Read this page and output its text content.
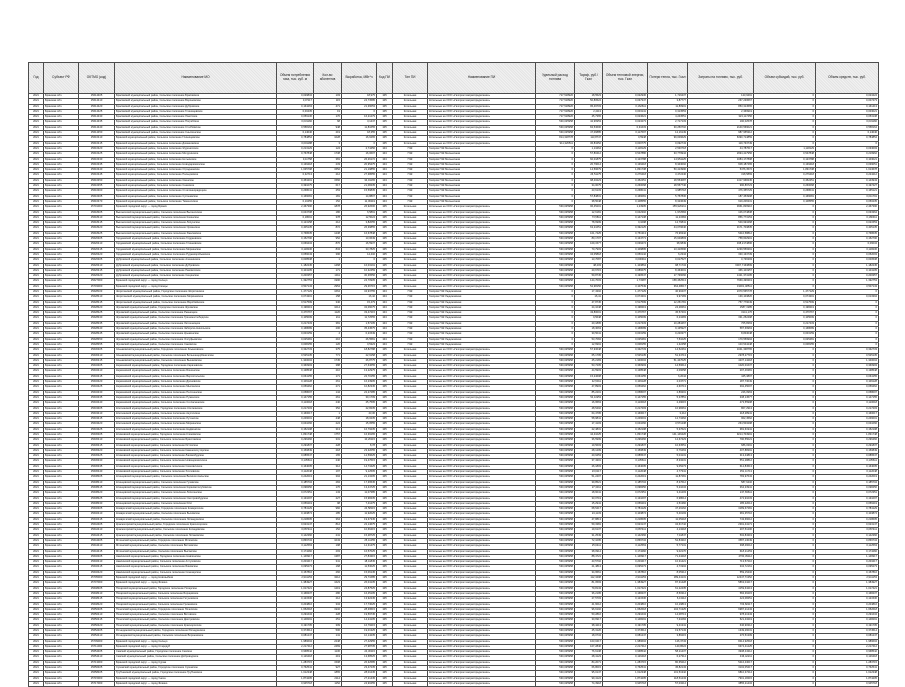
Год	Субъект РФ	ОКТМО (код)	Наименование МО	Объем потребления газа, тыс. куб. м	Кол-во абонентов	Выработка, МВт*ч	Код ПИ	Тип ПИ	Наименование ПИ	Удельный расход топлива	Тариф, руб./Гкал	Объем тепловой энергии, тыс. Гкал	Потери тепла, тыс. Гкал	Затраты на топливо, тыс. руб.	Объем субсидий, тыс. руб.	Объем средств, тыс. руб.
2021	Брянская обл.	15614405	Брасовский муниципальный район, Сельское поселение Брасовское	0,029834	103	18,975	105	Котельная	Котельные на ООО «Газпром газораспределение»	717,518926	18,5523	0,022936	1,716437	123,9491	0	0,023424
2021	Брянская обл.	15614410	Брасовский муниципальный район, Сельское поселение Вороновское	0,07117	115	24,73585	105	Котельная	Котельные на ООО «Газпром газораспределение»	717,518926	50,80524	0,037347	3,87777	267,239567	0	0,007473
2021	Брянская обл.	15614420	Брасовский муниципальный район, Сельское поселение Дубровское	0,164263	471	21,36053	105	Котельная	Котельные на ООО «Газпром газораспределение»	717,518926	95,49703	0,162611	11,80901	853,314565	0	0,161413
2021	Брянская обл.	15614425	Брасовский муниципальный район, Сельское поселение Глинищевское	0,00435	19	0	105	Котельная	Котельные на ООО «Газпром газораспределение»	717,518926	2,4113	0,003141	0,313553	2,369919	0	0,003021
2021	Брянская обл.	15614430	Брасовский муниципальный район, Сельское поселение Локотское	0,059136	170	16,21279	105	Котельная	Котельные на ООО «Газпром газораспределение»	717,518926	45,7365	0,023621	4,243551	323,117456	0	0,053138
2021	Брянская обл.	15614435	Брасовский муниципальный район, Сельское поселение Погребское	0,031182	68	3,1447	105	Котельная	Котельные на ООО «Газпром газораспределение»	530,025958	42,96953	0,023273	2,717133	190,02578	0	0,031182
2021	Брянская обл.	15614440	Брасовский муниципальный район, Сельское поселение Столбовское	0,558164	948	11,81655	105	Котельная	Котельные на ООО «Газпром газораспределение»	530,025958	84,53606	0,31633	30,250702	2140,569021	0	0,558164
2021	Брянская обл.	15614450	Брасовский муниципальный район, Сельское поселение Сныткинское	0,14046	219	18,355	105	Котельная	Котельные на ООО «Газпром газораспределение»	530,025958	47,06885	0,117697	12,16149	987,955312	0	0,14046
2021	Брянская обл.	15616410	Брянский муниципальный район, Сельское поселение Глинищевское	0,784854	1028	16,6265	105	Котельная	Котельные на ООО «Газпром газораспределение»	814,318778	113,8747	0,5948	99,009629	6390,714859	0	0,784854
2021	Брянская обл.	15616415	Брянский муниципальный район, Сельское поселение Домашовское	0,001188	3	0	105	Котельная	Котельные на ООО «Газпром газораспределение»	911,326511	36,83452	0,000775	0,092743	119,733749	0	0
2021	Брянская обл.	15616420	Брянский муниципальный район, Сельское поселение Журиничское	0,213129	124	2,74456	104	ГЭК	Газпром ГЭК Мельничная	0	1,13464	0,118129	2,530718	44,787617	1,118129	0,033093
2021	Брянская обл.	15616425	Брянский муниципальный район, Сельское поселение Мичуринское	0,767848	1738	16,0607	104	ГЭК	Газпром ГЭК Мельничная	0	57,80412	0,547886	33,779944	2994,417956	0,547848	0,219962
2021	Брянская обл.	15616430	Брянский муниципальный район, Сельское поселение Нетьинское	0,11758	381	26,26172	104	ГЭК	Газпром ГЭК Мельничная	0	60,01875	0,123788	14,951125	1084,177808	0,123788	0,103021
2021	Брянская обл.	15616435	Брянский муниципальный район, Сельское поселение Новодарковичское	0,139418	233	20,95475	104	ГЭК	Газпром ГЭК Мельничная	0	20,79014	0,139418	8,343092	608,187465	0,139418	0,039051
2021	Брянская обл.	15616440	Брянский муниципальный район, Сельское поселение Отрадненское	1,635798	1552	21,19855	104	ГЭК	Газпром ГЭК Мельничная	0	14,59679	1,831738	50,413996	5476,3572	1,831738	1,613678
2021	Брянская обл.	15616445	Брянский муниципальный район, Сельское поселение Пальцовское	0,32713	212	27,38655	104	ГЭК	Газпром ГЭК Мельничная	0	26,51175	0,276418	3,472446	318,5869	0,276418	0,224212
2021	Брянская обл.	15616450	Брянский муниципальный район, Сельское поселение Свенское	0,453401	1566	34,91165	104	ГЭК	Газпром ГЭК Мельничная	0	98,40223	0,452451	18,554087	1317,968445	0,452451	0,143943
2021	Брянская обл.	15616455	Брянский муниципальный район, Сельское поселение Снежское	0,391075	617	21,08435	104	ГЭК	Газпром ГЭК Мельничная	0	34,0075	0,260068	18,557746	990,89723	0,260068	0,197427
2021	Брянская обл.	15616460	Брянский муниципальный район, Сельское поселение Стекляннорадицкое	0,268041	253	15,59835	104	ГЭК	Газпром ГЭК Мельничная	0	23,6133	0,268041	4,985718	476,355729	0,268041	0,165121
2021	Брянская обл.	15616465	Брянский муниципальный район, Сельское поселение Супоневское	0,166081	181	14,8807	104	ГЭК	Газпром ГЭК Мельничная	0	57,84831	0,166081	5,757836	187,453998	0,166081	0,011791
2021	Брянская обл.	15616470	Брянский муниципальный район, Сельское поселение Теменичское	0,10455	152	11,06119	104	ГЭК	Газпром ГЭК Мельничная	0	38,5048	0,108555	8,323649	919,206331	0,108555	0,050235
2021	Брянская обл.	15701000	Брянский городской округ — город Брянск	2,467396	1878	26,92606	105	Котельная	Котельные на ООО «Газпром газораспределение»	530,025958	96,45201	1,23905	155,926211	3961,826916	0	2,467396
2021	Брянская обл.	15618405	Выгоничский муниципальный район, Сельское поселение Выгоничское	0,043708	186	6,5891	105	Котельная	Котельные на ООО «Газпром газораспределение»	530,025958	12,6181	0,042302	1,972584	106,074838	0	0,033364
2021	Брянская обл.	15618410	Выгоничский муниципальный район, Сельское поселение Кокинское	0,18091	378	12,5024	105	Котельная	Котельные на ООО «Газпром газораспределение»	530,025958	73,5811	0,147138	11,21584	856,773153	0	0,180911
2021	Брянская обл.	15618415	Выгоничский муниципальный район, Сельское поселение Лопушское	0,123158	212	3,82055	105	Котельная	Котельные на ООО «Газпром газораспределение»	530,025958	78,6999	0,1098	12,76841	549,993468	0	0,021553
2021	Брянская обл.	15618420	Выгоничский муниципальный район, Сельское поселение Орменское	0,405135	872	26,39855	105	Котельная	Котельные на ООО «Газпром газораспределение»	530,025958	63,21651	0,392125	44,079646	3171,703835	0	0,405135
2021	Брянская обл.	15618425	Выгоничский муниципальный район, Сельское поселение Хмелевское	0,768635	1238	16,67848	105	Котельная	Котельные на ООО «Газпром газораспределение»	530,025958	101,7425	0,751313	76,96342	5410,58812	0	0,768635
2021	Брянская обл.	15620405	Гордеевский муниципальный район, Сельское поселение Гордеевское	0,152796	952	13,0649	105	Котельная	Котельные на ООО «Газпром газораспределение»	530,025958	80,1707	0,134771	15,640803	758,602901	0	0,152796
2021	Брянская обл.	15620410	Гордеевский муниципальный район, Сельское поселение Глинновское	0,069434	876	16,5937	105	Котельная	Котельные на ООО «Газпром газораспределение»	530,025958	109,1577	0,039474	38,6849	338,2174896	0	0,06034
2021	Брянская обл.	15620415	Гордеевский муниципальный район, Сельское поселение Мирнинское	0,118236	834	33,7825	105	Котельная	Котельные на ООО «Газпром газораспределение»	530,025958	70,7903	0,109895	13,410596	1239,559391	0	0,118236
2021	Брянская обл.	15620420	Гордеевский муниципальный район, Сельское поселение Рудневоробьевское	0,056043	396	14,432	105	Котельная	Котельные на ООО «Газпром газораспределение»	530,025958	34,05818	0,050142	6,2344	330,133739	0	0,052093
2021	Брянская обл.	15626405	Дубровский муниципальный район, Сельское поселение Алешинское	0,008538	1	0	105	Котельная	Котельные на ООО «Газпром газораспределение»	530,025958	13,7087	0,000911	0,017527	0,736393	0	0,000538
2021	Брянская обл.	15626410	Дубровский муниципальный район, Сельское поселение Дубровское	1,182245	1468	16,03191	105	Котельная	Котельные на ООО «Газпром газораспределение»	530,025958	48,203	1,103864	98,71734	6007,7163899	0	1,182245
2021	Брянская обл.	15626415	Дубровский муниципальный район, Сельское поселение Рековичское	0,104105	171	10,32459	105	Котельная	Котельные на ООО «Газпром газораспределение»	530,025958	20,6715	0,086675	8,464001	466,101957	0	0,104105
2021	Брянская обл.	15626420	Дубровский муниципальный район, Сельское поселение Сещинское	0,200357	1011	30,36556	105	Котельная	Котельные на ООО «Газпром газораспределение»	530,025958	59,8745	0,190547	17,736066	1421,374195	0	0,200357
2021	Брянская обл.	15627000	Брянский городской округ — город Сельцо	1,392753	1996	24,70905	105	Котельная	Котельные на ООО «Газпром газораспределение»	530,025958	124,7003	1,73387	158,452513	7969,499319	0	1,392753
2021	Брянская обл.	15703000	Брянский городской округ — город Клинцы	3,507143	2954	29,36715	105	Котельная	Котельные на ООО «Газпром газораспределение»	530,025958	52,98156	3,107549	364,48017	19001,48511	0	3,507143
2021	Брянская обл.	15628103	Жирятинский муниципальный район, Городское поселение Жирятинское	1,477129	1664	34,93755	104	ГЭК	Газпром ГЭК Людиновская	0	17,4302	1,477129	40,90437	2370,565778	1,477129	0
2021	Брянская обл.	15628410	Жирятинский муниципальный район, Сельское поселение Морачевское	0,074301	158	16,42	104	ГЭК	Газпром ГЭК Людиновская	0	16,41	0,074301	3,97183	139,103826	0,074301	0,013394
2021	Брянская обл.	15628415	Жирятинский муниципальный район, Сельское поселение Воробейнское	0,517599	346	15,479	104	ГЭК	Газпром ГЭК Людиновская	0	47,8745	0,517599	12,251781	757,779049	0,517599	0
2021	Брянская обл.	15628420	Жуковский муниципальный район, Городское поселение Жуковское	0,198419	1014	32,06075	104	ГЭК	Газпром ГЭК Людиновская	0	24,1048	0,198419	24,28461	1587,1985	0,198419	0
2021	Брянская обл.	15628425	Жуковский муниципальный район, Сельское поселение Ржаницкое	0,476767	1126	33,47215	104	ГЭК	Газпром ГЭК Людиновская	0	43,80001	0,476767	45,57401	3141,176	0,476767	0
2021	Брянская обл.	15628430	Жуковский муниципальный район, Сельское поселение Гришинослободское	0,105099	211	11,72555	104	ГЭК	Газпром ГЭК Людиновская	0	9,5648	0,105099	6,23483	331,252498	0,105099	0
2021	Брянская обл.	15628435	Жуковский муниципальный район, Сельское поселение Летошницкое	0,217433	381	1,57105	104	ГЭК	Газпром ГЭК Людиновская	0	20,1895	0,217433	10,284467	705,8363	0,217433	0
2021	Брянская обл.	15628440	Жуковский муниципальный район, Сельское поселение Заборско-Никольское	0,168089	206	35,44575	104	ГЭК	Газпром ГЭК Людиновская	0	18,3063	0,168089	9,135927	587,69963	0,168089	0
2021	Брянская обл.	15628445	Жуковский муниципальный район, Сельское поселение Крыжинское	0,003159	4	0,21549	104	ГЭК	Газпром ГЭК Людиновская	0	30,5041	0,003159	0,220377	8,843048	0,003159	0
2021	Брянская обл.	15628450	Жуковский муниципальный район, Сельское поселение Олсуфьевское	0,025481	216	26,5581	104	ГЭК	Газпром ГЭК Людиновская	0	53,7084	0,025481	7,51025	179,559994	0,025481	0
2021	Брянская обл.	15628455	Жуковский муниципальный район, Сельское поселение Саковское	0,008155	126	0,5323	104	ГЭК	Газпром ГЭК Людиновская	0	12,6991	0,008155	1,32458	103,544248	0,008155	0
2021	Брянская обл.	15630405	Злынковский муниципальный район, Городское поселение Злынковское	0,332733	375	18,82788	105	Котельная	Котельные на ООО «Газпром газораспределение»	530,025958	57,93648	0,332733	14,52461	1041,338765	0	0,332733
2021	Брянская обл.	15630410	Злынковский муниципальный район, Сельское поселение Большещербиничское	0,525135	771	22,9158	105	Котельная	Котельные на ООО «Газпром газораспределение»	530,025958	65,1795	0,525135	51,34713	2978,27715	0	0,525135
2021	Брянская обл.	15630415	Злынковский муниципальный район, Сельское поселение Вышковское	1,340004	1745	26,8775	105	Котельная	Котельные на ООО «Газпром газораспределение»	530,025958	45,2183	1,340004	51,447025	4237,14218	0	1,340004
2021	Брянская обл.	15632405	Карачевский муниципальный район, Городское поселение Карачевское	0,360993	388	27,64655	105	Котельная	Котельные на ООО «Газпром газораспределение»	530,025958	53,7205	0,360993	14,59614	1020,01637	0	0,360993
2021	Брянская обл.	15632410	Карачевский муниципальный район, Сельское поселение Бошинское	0,138548	210	13,22975	105	Котельная	Котельные на ООО «Газпром газораспределение»	530,025958	44,5903	0,138548	4,09658	297,46381	0	0,138548
2021	Брянская обл.	15632415	Карачевский муниципальный район, Сельское поселение Верхопольское	0,064155	171	22,70155	105	Котельная	Котельные на ООО «Газпром газораспределение»	530,025958	15,24608	0,064155	6,2044	445,3897	0	0,064155
2021	Брянская обл.	15632420	Карачевский муниципальный район, Сельское поселение Дроновское	0,109128	261	16,23905	105	Котельная	Котельные на ООО «Газпром газораспределение»	530,025958	42,5011	0,109128	2,04771	187,73049	0	0,109128
2021	Брянская обл.	15632425	Карачевский муниципальный район, Сельское поселение Мылинское	0,059462	271	10,82345	105	Котельная	Котельные на ООО «Газпром газораспределение»	530,025958	47,8903	0,059462	4,60713	392,45097	0	0,059462
2021	Брянская обл.	15632430	Карачевский муниципальный район, Сельское поселение Песоченское	0,058097	144	22,27285	105	Котельная	Котельные на ООО «Газпром газораспределение»	530,025958	85,2201	0,058097	2,89301	226,0963	0	0,058097
2021	Брянская обл.	15632435	Карачевский муниципальный район, Сельское поселение Руженское	0,147155	261	30,1709	105	Котельная	Котельные на ООО «Газпром газораспределение»	530,025958	54,11953	0,147155	5,37851	338,14577	0	0,147155
2021	Брянская обл.	15632440	Карачевский муниципальный район, Сельское поселение Согласненское	0,110018	240	25,7595	105	Котельная	Котельные на ООО «Газпром газораспределение»	530,025958	16,9563	0,110018	2,49015	473,55908	0	0,110018
2021	Брянская обл.	15634405	Клетнянский муниципальный район, Городское поселение Клетнянское	0,217203	352	22,8235	105	Котельная	Котельные на ООО «Газпром газораспределение»	530,025958	48,5402	0,217203	10,98461	807,2913	0	0,217203
2021	Брянская обл.	15634410	Клетнянский муниципальный район, Сельское поселение Акуличское	0,160017	1	43,36	105	Котельная	Котельные на ООО «Газпром газораспределение»	530,025958	64,4795	0,160017	3,212	218,28941	0	0,160017
2021	Брянская обл.	15634415	Клетнянский муниципальный район, Сельское поселение Лутенское	0,246001	448	18,0235	105	Котельная	Котельные на ООО «Газпром газораспределение»	530,025958	58,9841	0,246001	12,73462	902,4562	0	0,246001
2021	Брянская обл.	15634420	Клетнянский муниципальный район, Сельское поселение Мирнинское	0,041066	224	15,0555	105	Котельная	Котельные на ООО «Газпром газораспределение»	530,025958	17,4103	0,041066	3,571238	264,503298	0	0,041066
2021	Брянская обл.	15634425	Клетнянский муниципальный район, Сельское поселение Надвинское	0,152108	313	16,79235	105	Котельная	Котельные на ООО «Газпром газораспределение»	530,025958	22,4831	0,152108	5,37621	381,61941	0	0,152108
2021	Брянская обл.	15636405	Климовский муниципальный район, Городское поселение Климовское	1,831748	1757	16,39165	105	Котельная	Котельные на ООО «Газпром газораспределение»	530,025958	44,41025	1,831748	141,146426	9214,704991	0	1,831748
2021	Брянская обл.	15636410	Климовский муниципальный район, Сельское поселение Брахловское	0,296466	331	10,26115	105	Котельная	Котельные на ООО «Газпром газораспределение»	530,025958	36,5999	0,296466	12,67423	790,55021	0	0,296466
2021	Брянская обл.	15636415	Климовский муниципальный район, Сельское поселение Истопское	0,291837	428	8,78	105	Котельная	Котельные на ООО «Газпром газораспределение»	530,025958	19,5603	0,291837	10,63551	686,0391	0	0,291837
2021	Брянская обл.	15636420	Климовский муниципальный район, Сельское поселение Каменскохуторское	0,150849	218	23,32055	105	Котельная	Котельные на ООО «Газпром газораспределение»	530,025958	28,1209	0,150849	6,76463	407,88391	0	0,150849
2021	Брянская обл.	15636425	Климовский муниципальный район, Сельское поселение Лакомобудское	0,086547	165	12,59625	105	Котельная	Котельные на ООО «Газпром газораспределение»	530,025958	20,9453	0,086547	5,04131	313,44813	0	0,086547
2021	Брянская обл.	15636430	Климовский муниципальный район, Сельское поселение Новоюрковичское	0,135611	240	19,47615	105	Котельная	Котельные на ООО «Газпром газораспределение»	530,025958	37,4301	0,135611	8,33231	551,28812	0	0,135611
2021	Брянская обл.	15636435	Климовский муниципальный район, Сельское поселение Сачковичское	0,164005	312	14,73425	105	Котельная	Котельные на ООО «Газпром газораспределение»	530,025958	26,1803	0,164005	9,05273	612,84513	0	0,164005
2021	Брянская обл.	15636440	Климовский муниципальный район, Сельское поселение Хохловское	0,112048	197	9,12505	105	Котельная	Котельные на ООО «Газпром газораспределение»	530,025958	23,6117	0,112048	4,77341	351,11713	0	0,112048
2021	Брянская обл.	15638405	Клинцовский муниципальный район, Сельское поселение Великотопальское	0,242019	394	21,13205	105	Котельная	Котельные на ООО «Газпром газораспределение»	530,025958	51,2407	0,242019	11,87281	783,97643	0	0,242019
2021	Брянская обл.	15638410	Клинцовский муниципальный район, Сельское поселение Гулевское	0,185704	284	17,36545	105	Котельная	Котельные на ООО «Газпром газораспределение»	530,025958	39,8521	0,185704	8,37612	587,6432	0	0,185704
2021	Брянская обл.	15638415	Клинцовский муниципальный район, Сельское поселение Коржовоголубовское	0,098456	176	13,44725	105	Котельная	Котельные на ООО «Газпром газораспределение»	530,025958	27,3311	0,098456	5,21034	364,23941	0	0,098456
2021	Брянская обл.	15638420	Клинцовский муниципальный район, Сельское поселение Лопатенское	0,072351	143	11,07385	105	Котельная	Котельные на ООО «Газпром газораспределение»	530,025958	18,6041	0,072351	3,41203	247,83611	0	0,072351
2021	Брянская обл.	15638425	Клинцовский муниципальный район, Сельское поселение Смотровобудское	0,131097	227	15,98435	105	Котельная	Котельные на ООО «Газпром газораспределение»	530,025958	33,0719	0,131097	6,98014	472,91033	0	0,131097
2021	Брянская обл.	15638430	Клинцовский муниципальный район, Сельское поселение First	0,056219	98	7,41275	105	Котельная	Котельные на ООО «Газпром газораспределение»	530,025958	15,2941	0,056219	2,51382	185,22014	0	0,056219
2021	Брянская обл.	15640405	Комаричский муниципальный район, Городское поселение Комаричское	0,784129	982	24,58115	105	Котельная	Котельные на ООО «Газпром газораспределение»	530,025958	68,5417	0,784129	47,29162	3189,67281	0	0,784129
2021	Брянская обл.	15640410	Комаричский муниципальный район, Сельское поселение Быховское	0,103874	185	11,92025	105	Котельная	Котельные на ООО «Газпром газораспределение»	530,025958	24,1133	0,103874	5,40193	381,35716	0	0,103874
2021	Брянская обл.	15640415	Комаричский муниципальный район, Сельское поселение Лопандинское	0,218605	364	19,37345	105	Котельная	Котельные на ООО «Газпром газораспределение»	530,025958	47,8813	0,218605	11,05218	743,66012	0	0,218605
2021	Брянская обл.	15642405	Красногорский муниципальный район, Городское поселение Красногорское	0,623147	812	22,14675	105	Котельная	Котельные на ООО «Газпром газораспределение»	530,025958	59,3381	0,623147	34,61742	2391,44171	0	0,623147
2021	Брянская обл.	15642410	Красногорский муниципальный район, Сельское поселение Колюдовское	0,087411	152	10,66415	105	Котельная	Котельные на ООО «Газпром газораспределение»	530,025958	19,6137	0,087411	4,13218	297,51206	0	0,087411
2021	Брянская обл.	15642415	Красногорский муниципальный район, Сельское поселение Лотаковское	0,142366	241	15,28725	105	Котельная	Котельные на ООО «Газпром газораспределение»	530,025958	31,2549	0,142366	7,11847	502,84319	0	0,142366
2021	Брянская обл.	15644405	Мглинский муниципальный район, Городское поселение Мглинское	0,869734	1043	25,11255	105	Котельная	Котельные на ООО «Газпром газораспределение»	530,025958	72,1095	0,869734	52,84316	3587,13049	0	0,869734
2021	Брянская обл.	15644410	Мглинский муниципальный район, Сельское поселение Ветлевское	0,112563	198	12,31475	105	Котельная	Котельные на ООО «Газпром газораспределение»	530,025958	25,6411	0,112563	5,77131	398,46012	0	0,112563
2021	Брянская обл.	15644415	Мглинский муниципальный район, Сельское поселение Высокское	0,174282	293	16,57025	105	Котельная	Котельные на ООО «Газпром газораспределение»	530,025958	38,0914	0,174282	9,02176	618,21453	0	0,174282
2021	Брянская обл.	15646405	Навлинский муниципальный район, Городское поселение Навлинское	1,146917	1387	27,84315	105	Котельная	Котельные на ООО «Газпром газораспределение»	530,025958	88,4721	1,146917	71,44218	4760,39112	0	1,146917
2021	Брянская обл.	15646410	Навлинский муниципальный район, Сельское поселение Алтуховское	0,203417	341	18,11845	105	Котельная	Котельные на ООО «Газпром газораспределение»	530,025958	43,5702	0,203417	10,31421	713,57216	0	0,203417
2021	Брянская обл.	15646415	Навлинский муниципальный район, Сельское поселение Бяковское	0,095273	168	11,53025	105	Котельная	Котельные на ООО «Газпром газораспределение»	530,025958	21,4813	0,095273	4,71904	334,72161	0	0,095273
2021	Брянская обл.	15646420	Навлинский муниципальный район, Сельское поселение Синезерское	0,157816	266	15,06145	105	Котельная	Котельные на ООО «Газпром газораспределение»	530,025958	34,9561	0,157816	8,05314	559,15432	0	0,157816
2021	Брянская обл.	15705000	Брянский городской округ — город Новозыбков	2,941153	3212	29,71685	105	Котельная	Котельные на ООО «Газпром газораспределение»	530,025958	112,3408	2,941153	189,44131	12447,71352	0	2,941153
2021	Брянская обл.	15707000	Брянский городской округ — город Фокино	1,384927	1623	26,04135	105	Котельная	Котельные на ООО «Газпром газораспределение»	530,025958	81,0593	1,384927	87,31428	5863,04217	0	1,384927
2021	Брянская обл.	15648405	Погарский муниципальный район, Городское поселение Погарское	1,017421	1219	24,87525	105	Котельная	Котельные на ООО «Газпром газораспределение»	530,025958	79,8143	1,017421	61,22435	4159,64213	0	1,017421
2021	Брянская обл.	15648410	Погарский муниципальный район, Сельское поселение Борщовское	0,168437	286	16,45105	105	Котельная	Котельные на ООО «Газпром газораспределение»	530,025958	36,2195	0,168437	8,50314	584,36215	0	0,168437
2021	Брянская обл.	15648415	Погарский муниципальный район, Сельское поселение Гетуновское	0,121536	212	13,92245	105	Котельная	Котельные на ООО «Газпром газораспределение»	530,025958	27,5703	0,121536	6,13112	424,08451	0	0,121536
2021	Брянская обл.	15648420	Погарский муниципальный район, Сельское поселение Гриневское	0,204816	334	17,73025	105	Котельная	Котельные на ООО «Газпром газораспределение»	530,025958	41,6012	0,204816	10,19813	703,82117	0	0,204816
2021	Брянская обл.	15650405	Почепский муниципальный район, Городское поселение Почепское	1,652618	1932	28,39515	105	Котельная	Котельные на ООО «Газпром газораспределение»	530,025958	96,6102	1,652618	104,71325	6987,21443	0	1,652618
2021	Брянская обл.	15650410	Почепский муниципальный район, Сельское поселение Витовское	0,291634	428	19,59745	105	Котельная	Котельные на ООО «Газпром газораспределение»	530,025958	50,2816	0,291634	14,08713	978,21343	0	0,291634
2021	Брянская обл.	15650415	Почепский муниципальный район, Сельское поселение Дмитровское	0,148291	251	14,24105	105	Котельная	Котельные на ООО «Газпром газораспределение»	530,025958	30,6917	0,148291	7,31084	521,43219	0	0,148291
2021	Брянская обл.	15650420	Почепский муниципальный район, Сельское поселение Краснорогское	0,191705	309	16,79215	105	Котельная	Котельные на ООО «Газпром газораспределение»	530,025958	38,4213	0,191705	9,41341	646,90312	0	0,191705
2021	Брянская обл.	15652405	Рогнединский муниципальный район, Городское поселение Рогнединское	0,374514	506	19,01325	105	Котельная	Котельные на ООО «Газпром газораспределение»	530,025958	45,3126	0,374514	19,57143	1349,26031	0	0,374514
2021	Брянская обл.	15652410	Рогнединский муниципальный район, Сельское поселение Вороновское	0,081247	141	10,14235	105	Котельная	Котельные на ООО «Газпром газораспределение»	530,025958	18,0734	0,081247	3,86215	276,51309	0	0,081247
2021	Брянская обл.	15709000	Брянский городской округ — город Сельцо	1,989604	2248	27,42955	105	Котельная	Котельные на ООО «Газпром газораспределение»	530,025958	103,0417	1,989604	126,3743	8414,92518	0	1,989604
2021	Брянская обл.	15711000	Брянский городской округ — город Стародуб	2,217412	2469	27,98735	105	Котельная	Котельные на ООО «Газпром газораспределение»	530,025958	107,2846	2,217412	140,8624	9374,41225	0	2,217412
2021	Брянская обл.	15654405	Севский муниципальный район, Городское поселение Севское	0,968542	1136	24,30115	105	Котельная	Котельные на ООО «Газпром газораспределение»	530,025958	76,6138	0,968542	58,21437	3938,44312	0	0,968542
2021	Брянская обл.	15654410	Севский муниципальный район, Сельское поселение Доброводское	0,126418	219	13,68525	105	Котельная	Котельные на ООО «Газпром газораспределение»	530,025958	28,4123	0,126418	6,27314	436,42211	0	0,126418
2021	Брянская обл.	15713000	Брянский городской округ — город Сураж	1,283715	1508	26,32585	105	Котельная	Котельные на ООО «Газпром газораспределение»	530,025958	84,2071	1,283715	80,65212	5416,43017	0	1,283715
2021	Брянская обл.	15656405	Суземский муниципальный район, Городское поселение Суземское	0,762541	927	23,47235	105	Котельная	Котельные на ООО «Газпром газораспределение»	530,025958	66,8015	0,762541	45,82143	3102,05417	0	0,762541
2021	Брянская обл.	15658405	Трубчевский муниципальный район, Городское поселение Трубчевское	1,612348	1865	28,01245	105	Котельная	Котельные на ООО «Газпром газораспределение»	530,025958	95,0147	1,612348	101,51342	6810,37214	0	1,612348
2021	Брянская обл.	15715000	Брянский городской округ — город Унеча	1,874205	2114	27,21445	105	Котельная	Котельные на ООО «Газпром газораспределение»	530,025958	99,4124	1,874205	118,51243	7901,18415	0	1,874205
2021	Брянская обл.	15717000	Брянский городской округ — город Фокино	0,945718	1152	24,90455	105	Котельная	Котельные на ООО «Газпром газораспределение»	530,025958	74,3918	0,945718	57,03214	3855,21434	0	0,945718
